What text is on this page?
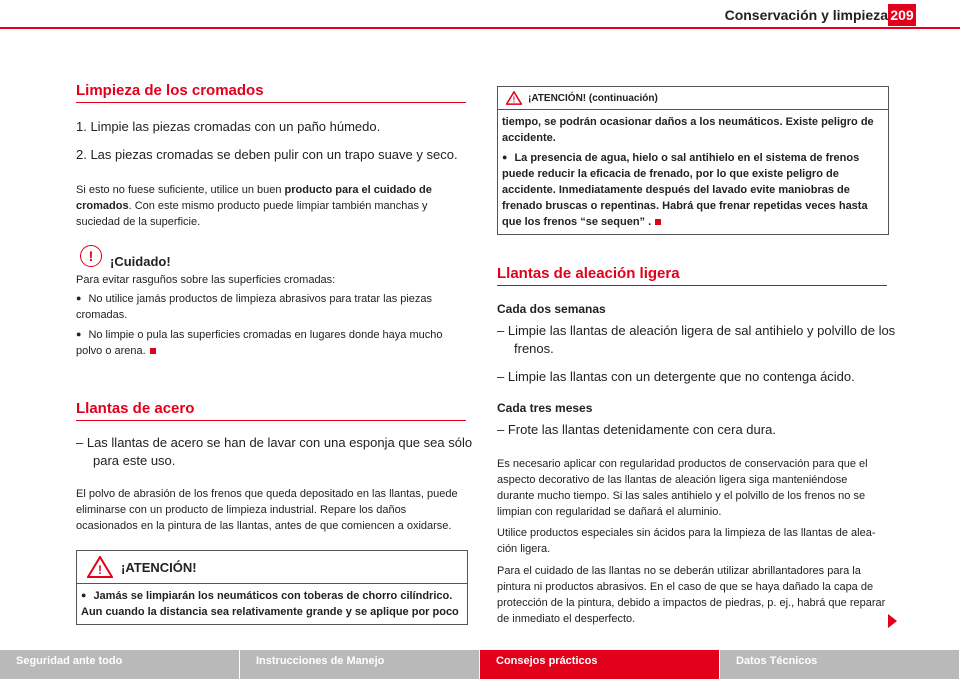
Conservación y limpieza 209
Limpieza de los cromados

1. Limpie las piezas cromadas con un paño húmedo.

2. Las piezas cromadas se deben pulir con un trapo suave y seco.

Si esto no fuese suficiente, utilice un buen producto para el cuidado de cromados. Con este mismo producto puede limpiar también manchas y suciedad de la superficie.

!	¡Cuidado!

Para evitar rasguños sobre las superficies cromadas:

● No utilice jamás productos de limpieza abrasivos para tratar las piezas cromadas.

● No limpie o pula las superficies cromadas en lugares donde haya mucho polvo o arena.

Llantas de acero

– Las llantas de acero se han de lavar con una esponja que sea sólo para este uso.

El polvo de abrasión de los frenos que queda depositado en las llantas, puede eliminarse con un producto de limpieza industrial. Repare los daños ocasionados en la pintura de las llantas, antes de que comiencen a oxidarse.

! ¡ATENCIÓN!
● Jamás se limpiarán los neumáticos con toberas de chorro cilíndrico. Aun cuando la distancia sea relativamente grande y se aplique por poco
! ¡ATENCIÓN! (continuación)
tiempo, se podrán ocasionar daños a los neumáticos. Existe peligro de accidente.
● La presencia de agua, hielo o sal antihielo en el sistema de frenos puede reducir la eficacia de frenado, por lo que existe peligro de accidente. Inmediatamente después del lavado evite maniobras de frenado bruscas o repentinas. Habrá que frenar repetidas veces hasta que los frenos “se sequen” .
Llantas de aleación ligera

Cada dos semanas

– Limpie las llantas de aleación ligera de sal antihielo y polvillo de los frenos.

– Limpie las llantas con un detergente que no contenga ácido.

Cada tres meses

– Frote las llantas detenidamente con cera dura.

Es necesario aplicar con regularidad productos de conservación para que el aspecto decorativo de las llantas de aleación ligera siga manteniéndose durante mucho tiempo. Si las sales antihielo y el polvillo de los frenos no se limpian con regularidad se dañará el aluminio.

Utilice productos especiales sin ácidos para la limpieza de las llantas de alea-ción ligera.

Para el cuidado de las llantas no se deberán utilizar abrillantadores para la pintura ni productos abrasivos. En el caso de que se haya dañado la capa de protección de la pintura, debido a impactos de piedras, p. ej., habrá que reparar de inmediato el desperfecto.

Seguridad ante todo	Instrucciones de Manejo	Consejos prácticos	Datos Técnicos
